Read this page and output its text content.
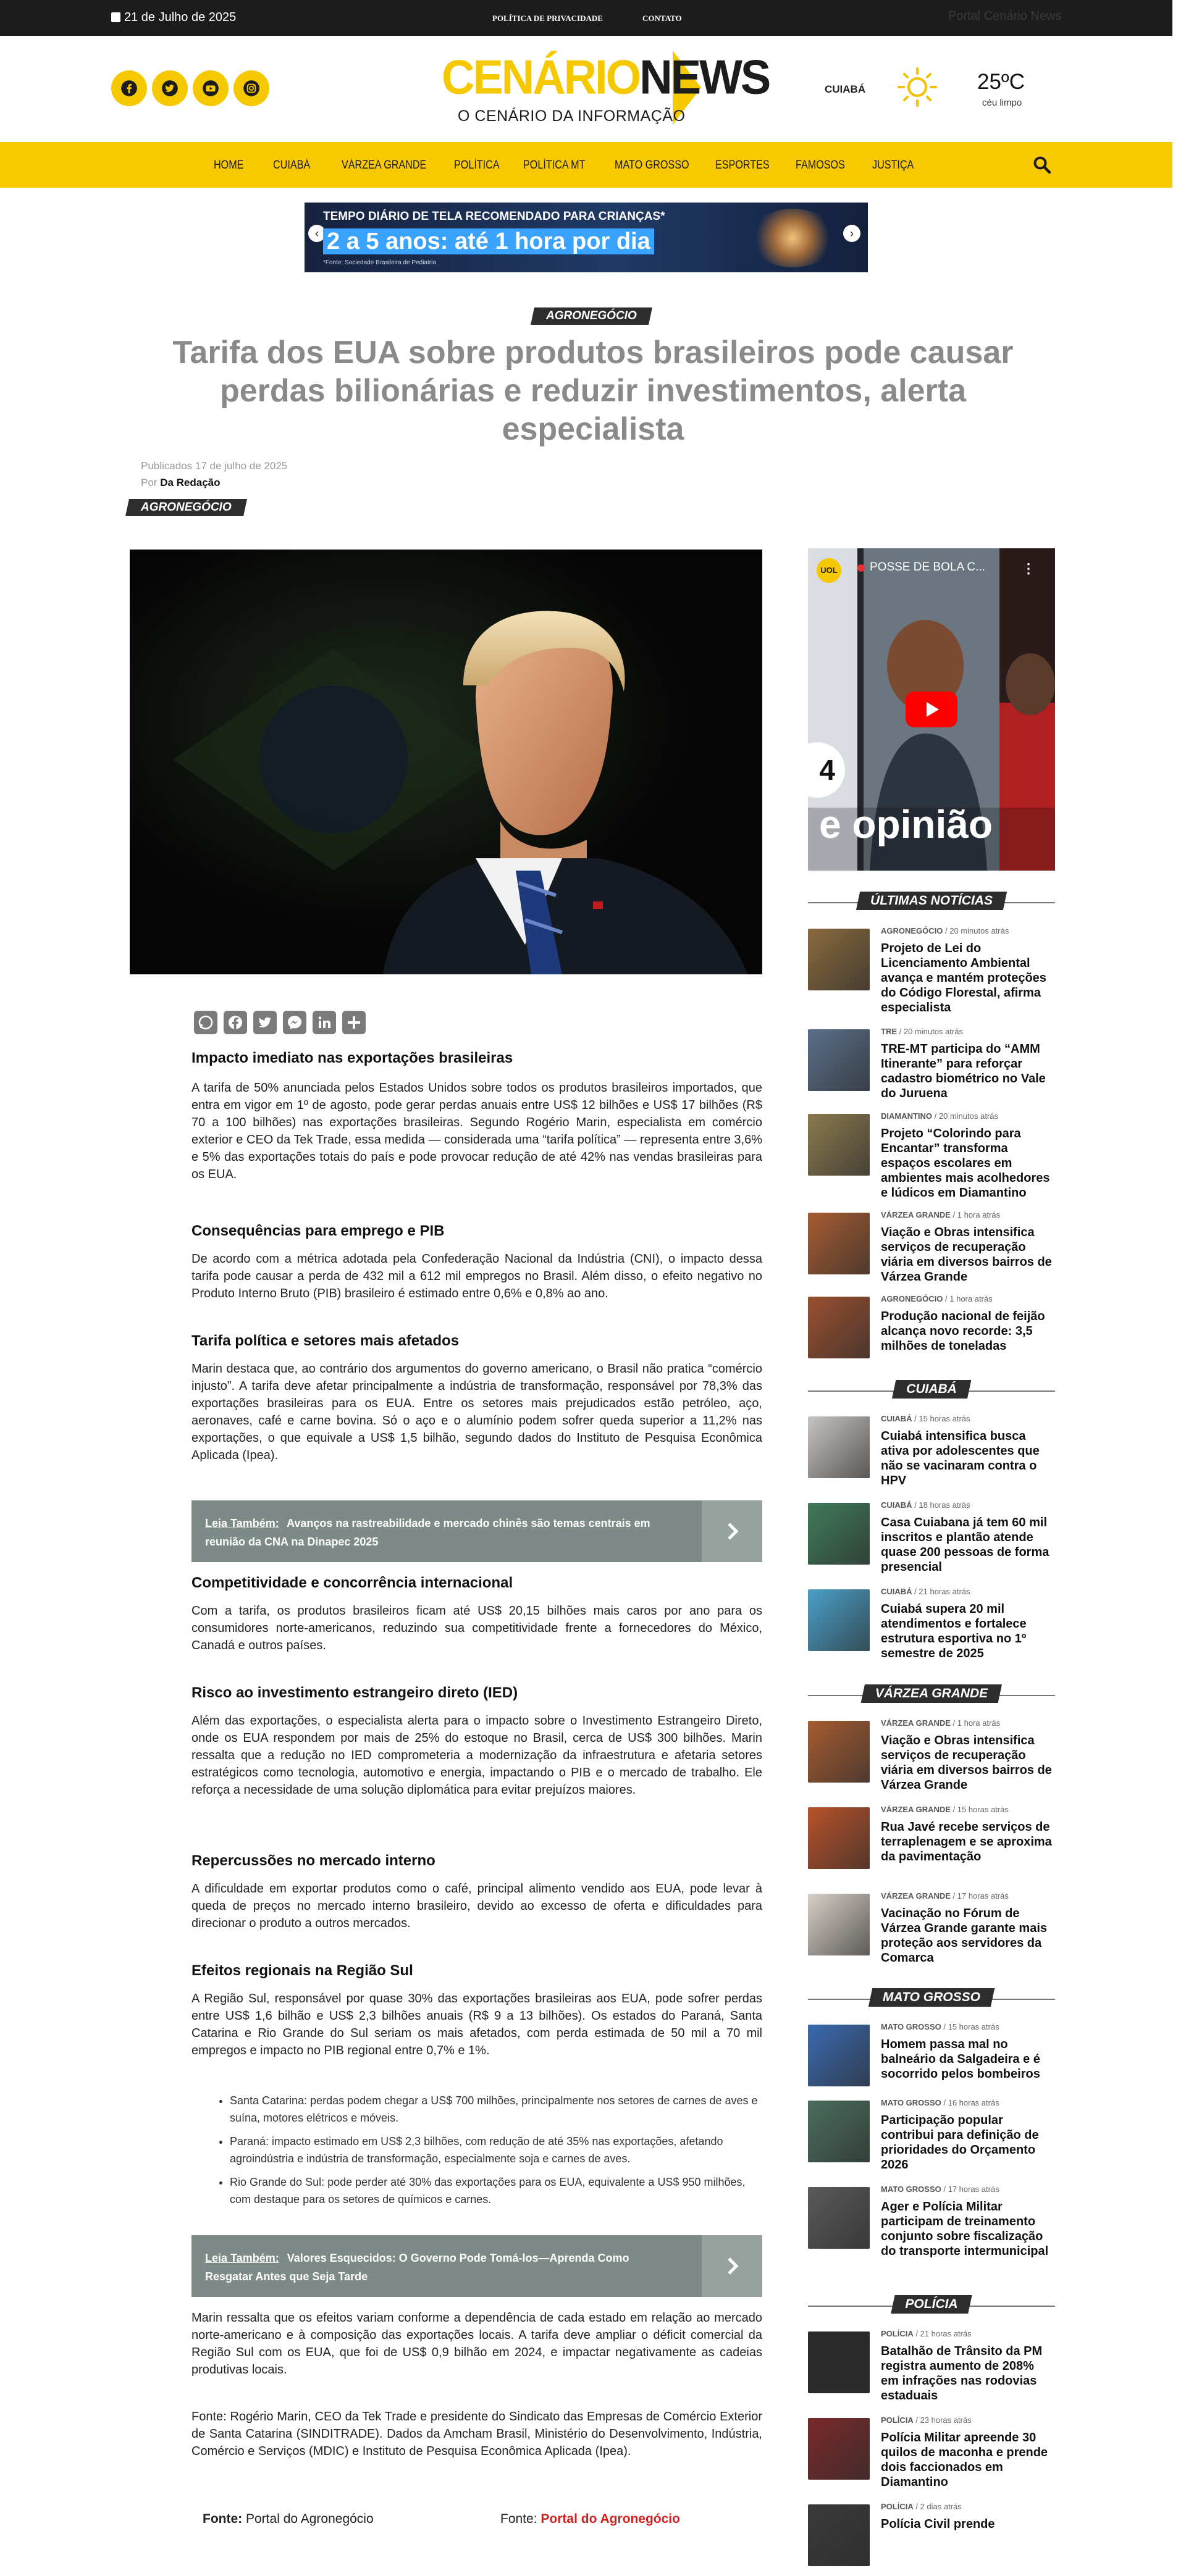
21 de Julho de 2025	POLÍTICA DE PRIVACIDADE	CONTATO	Portal Cenário News
CENÁRIONEWS
O CENÁRIO DA INFORMAÇÃO
CUIABÁ	25ºC
céu limpo
HOME	CUIABÁ	VÁRZEA GRANDE POLÍTICA POLÍTICA MT MATO GROSSO ESPORTES FAMOSOS JUSTIÇA
‹	›
TEMPO DIÁRIO DE TELA RECOMENDADO PARA CRIANÇAS*
2 a 5 anos: até 1 hora por dia
*Fonte: Sociedade Brasileira de Pediatria
AGRONEGÓCIO
Tarifa dos EUA sobre produtos brasileiros pode causar perdas bilionárias e reduzir investimentos, alerta especialista
Publicados 17 de julho de 2025
Por Da Redação
AGRONEGÓCIO
Impacto imediato nas exportações brasileiras

A tarifa de 50% anunciada pelos Estados Unidos sobre todos os produtos brasileiros importados, que entra em vigor em 1º de agosto, pode gerar perdas anuais entre US$ 12 bilhões e US$ 17 bilhões (R$ 70 a 100 bilhões) nas exportações brasileiras. Segundo Rogério Marin, especialista em comércio exterior e CEO da Tek Trade, essa medida — considerada uma “tarifa política” — representa entre 3,6% e 5% das exportações totais do país e pode provocar redução de até 42% nas vendas brasileiras para os EUA.

Consequências para emprego e PIB

De acordo com a métrica adotada pela Confederação Nacional da Indústria (CNI), o impacto dessa tarifa pode causar a perda de 432 mil a 612 mil empregos no Brasil. Além disso, o efeito negativo no Produto Interno Bruto (PIB) brasileiro é estimado entre 0,6% e 0,8% ao ano.

Tarifa política e setores mais afetados

Marin destaca que, ao contrário dos argumentos do governo americano, o Brasil não pratica “comércio injusto”. A tarifa deve afetar principalmente a indústria de transformação, responsável por 78,3% das exportações brasileiras para os EUA. Entre os setores mais prejudicados estão petróleo, aço, aeronaves, café e carne bovina. Só o aço e o alumínio podem sofrer queda superior a 11,2% nas exportações, o que equivale a US$ 1,5 bilhão, segundo dados do Instituto de Pesquisa Econômica Aplicada (Ipea).

Leia Também: Avanços na rastreabilidade e mercado chinês são temas centrais em reunião da CNA na Dinapec 2025
Competitividade e concorrência internacional

Com a tarifa, os produtos brasileiros ficam até US$ 20,15 bilhões mais caros por ano para os consumidores norte-americanos, reduzindo sua competitividade frente a fornecedores do México, Canadá e outros países.

Risco ao investimento estrangeiro direto (IED)

Além das exportações, o especialista alerta para o impacto sobre o Investimento Estrangeiro Direto, onde os EUA respondem por mais de 25% do estoque no Brasil, cerca de US$ 300 bilhões. Marin ressalta que a redução no IED comprometeria a modernização da infraestrutura e afetaria setores estratégicos como tecnologia, automotivo e energia, impactando o PIB e o mercado de trabalho. Ele reforça a necessidade de uma solução diplomática para evitar prejuízos maiores.

Repercussões no mercado interno

A dificuldade em exportar produtos como o café, principal alimento vendido aos EUA, pode levar à queda de preços no mercado interno brasileiro, devido ao excesso de oferta e dificuldades para direcionar o produto a outros mercados.

Efeitos regionais na Região Sul

A Região Sul, responsável por quase 30% das exportações brasileiras aos EUA, pode sofrer perdas entre US$ 1,6 bilhão e US$ 2,3 bilhões anuais (R$ 9 a 13 bilhões). Os estados do Paraná, Santa Catarina e Rio Grande do Sul seriam os mais afetados, com perda estimada de 50 mil a 70 mil empregos e impacto no PIB regional entre 0,7% e 1%.

• Santa Catarina: perdas podem chegar a US$ 700 milhões, principalmente nos setores de carnes de aves e suína, motores elétricos e móveis.
• Paraná: impacto estimado em US$ 2,3 bilhões, com redução de até 35% nas exportações, afetando agroindústria e indústria de transformação, especialmente soja e carnes de aves.
• Rio Grande do Sul: pode perder até 30% das exportações para os EUA, equivalente a US$ 950 milhões, com destaque para os setores de químicos e carnes.
Leia Também: Valores Esquecidos: O Governo Pode Tomá-los—Aprenda Como Resgatar Antes que Seja Tarde

Marin ressalta que os efeitos variam conforme a dependência de cada estado em relação ao mercado norte-americano e à composição das exportações locais. A tarifa deve ampliar o déficit comercial da Região Sul com os EUA, que foi de US$ 0,9 bilhão em 2024, e impactar negativamente as cadeias produtivas locais.

Fonte: Rogério Marin, CEO da Tek Trade e presidente do Sindicato das Empresas de Comércio Exterior de Santa Catarina (SINDITRADE). Dados da Amcham Brasil, Ministério do Desenvolvimento, Indústria, Comércio e Serviços (MDIC) e Instituto de Pesquisa Econômica Aplicada (Ipea).

Fonte: Portal do Agronegócio	Fonte: Portal do Agronegócio
UOL	POSSE DE BOLA C...	⋮
4
e opinião
ÚLTIMAS NOTÍCIAS
AGRONEGÓCIO / 20 minutos atrás
Projeto de Lei do Licenciamento Ambiental avança e mantém proteções do Código Florestal, afirma especialista
TRE / 20 minutos atrás
TRE-MT participa do “AMM Itinerante” para reforçar cadastro biométrico no Vale do Juruena
DIAMANTINO / 20 minutos atrás
Projeto “Colorindo para Encantar” transforma espaços escolares em ambientes mais acolhedores e lúdicos em Diamantino
VÁRZEA GRANDE / 1 hora atrás
Viação e Obras intensifica serviços de recuperação viária em diversos bairros de Várzea Grande
AGRONEGÓCIO / 1 hora atrás
Produção nacional de feijão alcança novo recorde: 3,5 milhões de toneladas
CUIABÁ
CUIABÁ / 15 horas atrás
Cuiabá intensifica busca ativa por adolescentes que não se vacinaram contra o HPV
CUIABÁ / 18 horas atrás
Casa Cuiabana já tem 60 mil inscritos e plantão atende quase 200 pessoas de forma presencial
CUIABÁ / 21 horas atrás
Cuiabá supera 20 mil atendimentos e fortalece estrutura esportiva no 1º semestre de 2025
VÁRZEA GRANDE
VÁRZEA GRANDE / 1 hora atrás
Viação e Obras intensifica serviços de recuperação viária em diversos bairros de Várzea Grande
VÁRZEA GRANDE / 15 horas atrás
Rua Javé recebe serviços de terraplenagem e se aproxima da pavimentação
VÁRZEA GRANDE / 17 horas atrás
Vacinação no Fórum de Várzea Grande garante mais proteção aos servidores da Comarca
MATO GROSSO
MATO GROSSO / 15 horas atrás
Homem passa mal no balneário da Salgadeira e é socorrido pelos bombeiros
MATO GROSSO / 16 horas atrás
Participação popular contribui para definição de prioridades do Orçamento 2026
MATO GROSSO / 17 horas atrás
Ager e Polícia Militar participam de treinamento conjunto sobre fiscalização do transporte intermunicipal
POLÍCIA
POLÍCIA / 21 horas atrás
Batalhão de Trânsito da PM registra aumento de 208% em infrações nas rodovias estaduais
POLÍCIA / 23 horas atrás
Polícia Militar apreende 30 quilos de maconha e prende dois faccionados em Diamantino
POLÍCIA / 2 dias atrás
Polícia Civil prende
